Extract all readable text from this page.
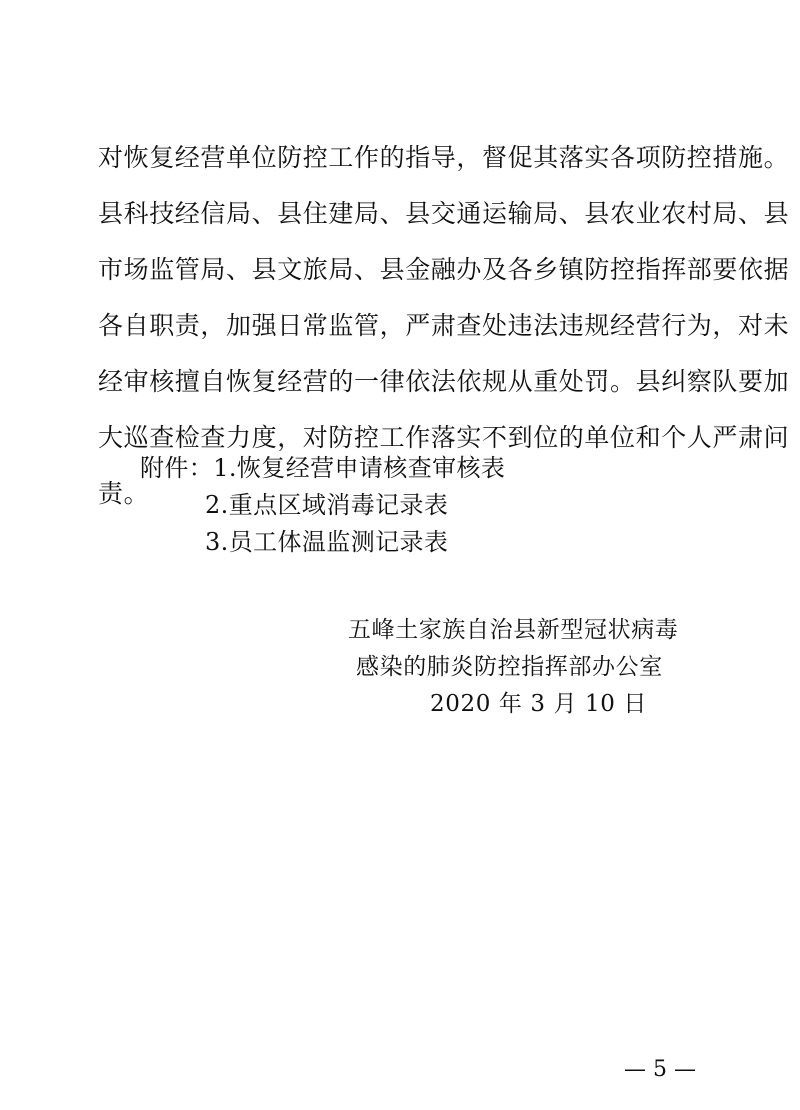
对恢复经营单位防控工作的指导，督促其落实各项防控措施。
县科技经信局、县住建局、县交通运输局、县农业农村局、县
市场监管局、县文旅局、县金融办及各乡镇防控指挥部要依据
各自职责，加强日常监管，严肃查处违法违规经营行为，对未
经审核擅自恢复经营的一律依法依规从重处罚。县纠察队要加
大巡查检查力度，对防控工作落实不到位的单位和个人严肃问
责。
附件：1.恢复经营申请核查审核表
2.重点区域消毒记录表
3.员工体温监测记录表
五峰土家族自治县新型冠状病毒
感染的肺炎防控指挥部办公室
2020 年 3 月 10 日
— 5 —
